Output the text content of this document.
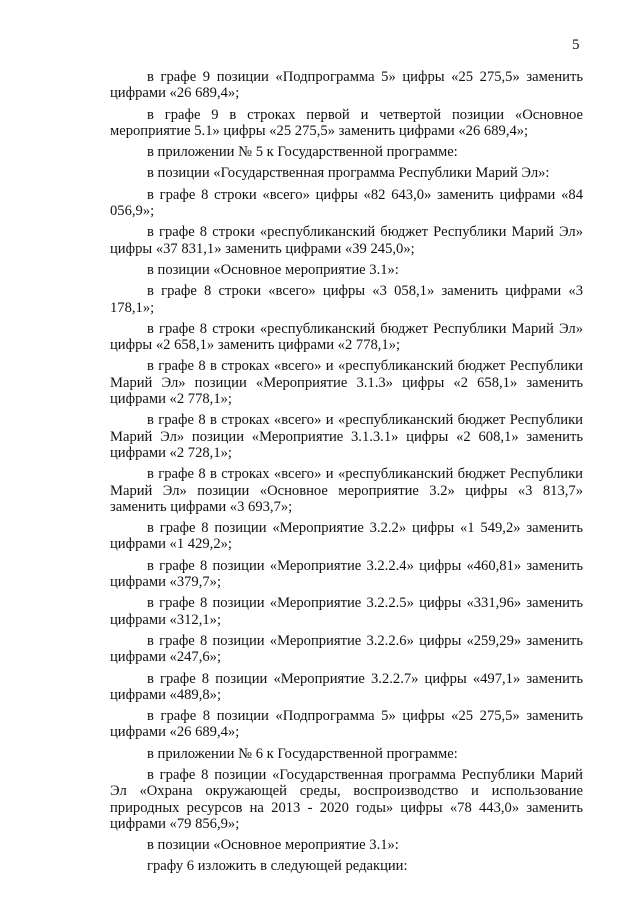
5

в графе 9 позиции «Подпрограмма 5» цифры «25 275,5» заменить цифрами «26 689,4»;

в графе 9 в строках первой и четвертой позиции «Основное мероприятие 5.1» цифры «25 275,5» заменить цифрами «26 689,4»;

в приложении № 5 к Государственной программе:

в позиции «Государственная программа Республики Марий Эл»:

в графе 8 строки «всего» цифры «82 643,0» заменить цифрами «84 056,9»;

в графе 8 строки «республиканский бюджет Республики Марий Эл» цифры «37 831,1» заменить цифрами «39 245,0»;

в позиции «Основное мероприятие 3.1»:

в графе 8 строки «всего» цифры «3 058,1» заменить цифрами «3 178,1»;

в графе 8 строки «республиканский бюджет Республики Марий Эл» цифры «2 658,1» заменить цифрами «2 778,1»;

в графе 8 в строках «всего» и «республиканский бюджет Республики Марий Эл» позиции «Мероприятие 3.1.3» цифры «2 658,1» заменить цифрами «2 778,1»;

в графе 8 в строках «всего» и «республиканский бюджет Республики Марий Эл» позиции «Мероприятие 3.1.3.1» цифры «2 608,1» заменить цифрами «2 728,1»;

в графе 8 в строках «всего» и «республиканский бюджет Республики Марий Эл» позиции «Основное мероприятие 3.2» цифры «3 813,7» заменить цифрами «3 693,7»;

в графе 8 позиции «Мероприятие 3.2.2» цифры «1 549,2» заменить цифрами «1 429,2»;

в графе 8 позиции «Мероприятие 3.2.2.4» цифры «460,81» заменить цифрами «379,7»;

в графе 8 позиции «Мероприятие 3.2.2.5» цифры «331,96» заменить цифрами «312,1»;

в графе 8 позиции «Мероприятие 3.2.2.6» цифры «259,29» заменить цифрами «247,6»;

в графе 8 позиции «Мероприятие 3.2.2.7» цифры «497,1» заменить цифрами «489,8»;

в графе 8 позиции «Подпрограмма 5» цифры «25 275,5» заменить цифрами «26 689,4»;

в приложении № 6 к Государственной программе:

в графе 8 позиции «Государственная программа Республики Марий Эл «Охрана окружающей среды, воспроизводство и использование природных ресурсов на 2013 - 2020 годы» цифры «78 443,0» заменить цифрами «79 856,9»;

в позиции «Основное мероприятие 3.1»:

графу 6 изложить в следующей редакции:
